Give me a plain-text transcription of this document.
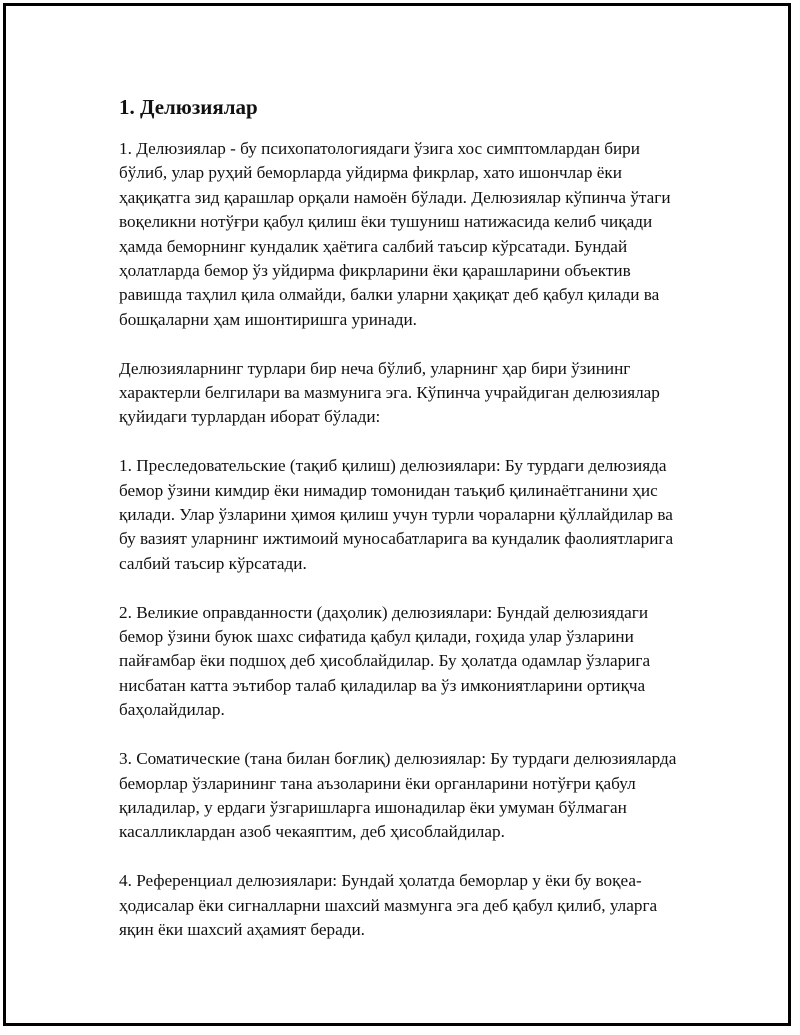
1. Делюзиялар

1. Делюзиялар - бу психопатологиядаги ўзига хос симптомлардан бири бўлиб, улар руҳий беморларда уйдирма фикрлар, хато ишончлар ёки ҳақиқатга зид қарашлар орқали намоён бўлади. Делюзиялар кўпинча ўтаги воқеликни нотўғри қабул қилиш ёки тушуниш натижасида келиб чиқади ҳамда беморнинг кундалик ҳаётига салбий таъсир кўрсатади. Бундай ҳолатларда бемор ўз уйдирма фикрларини ёки қарашларини объектив равишда таҳлил қила олмайди, балки уларни ҳақиқат деб қабул қилади ва бошқаларни ҳам ишонтиришга уринади.

Делюзияларнинг турлари бир неча бўлиб, уларнинг ҳар бири ўзининг характерли белгилари ва мазмунига эга. Кўпинча учрайдиган делюзиялар қуйидаги турлардан иборат бўлади:

1. Преследовательские (тақиб қилиш) делюзиялари: Бу турдаги делюзияда бемор ўзини кимдир ёки нимадир томонидан таъқиб қилинаётганини ҳис қилади. Улар ўзларини ҳимоя қилиш учун турли чораларни қўллайдилар ва бу вазият уларнинг ижтимоий муносабатларига ва кундалик фаолиятларига салбий таъсир кўрсатади.

2. Великие оправданности (даҳолик) делюзиялари: Бундай делюзиядаги бемор ўзини буюк шахс сифатида қабул қилади, гоҳида улар ўзларини пайғамбар ёки подшоҳ деб ҳисоблайдилар. Бу ҳолатда одамлар ўзларига нисбатан катта эътибор талаб қиладилар ва ўз имкониятларини ортиқча баҳолайдилар.

3. Соматические (тана билан боғлиқ) делюзиялар: Бу турдаги делюзияларда беморлар ўзларининг тана аъзоларини ёки органларини нотўғри қабул қиладилар, у ердаги ўзгаришларга ишонадилар ёки умуман бўлмаган касалликлардан азоб чекаяптим, деб ҳисоблайдилар.

4. Референциал делюзиялари: Бундай ҳолатда беморлар у ёки бу воқеа-ҳодисалар ёки сигналларни шахсий мазмунга эга деб қабул қилиб, уларга яқин ёки шахсий аҳамият беради.
